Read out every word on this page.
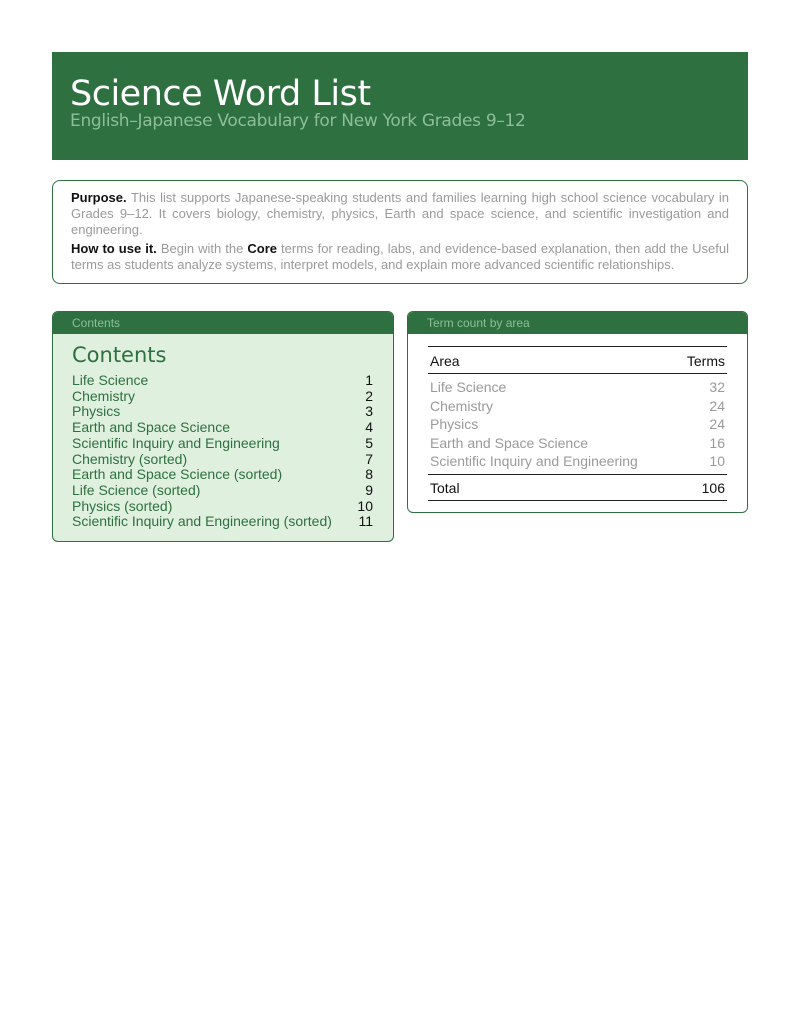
Science Word List
English–Japanese Vocabulary for New York Grades 9–12

Purpose. This list supports Japanese-speaking students and families learning high school science vocabulary in Grades 9–12. It covers biology, chemistry, physics, Earth and space science, and scientific investigation and engineering.

How to use it. Begin with the Core terms for reading, labs, and evidence-based explanation, then add the Useful terms as students analyze systems, interpret models, and explain more advanced scientific relationships.

Contents
Contents
Life Science	1
Chemistry	2
Physics	3
Earth and Space Science	4
Scientific Inquiry and Engineering	5
Chemistry (sorted)	7
Earth and Space Science (sorted)	8
Life Science (sorted)	9
Physics (sorted)	10
Scientific Inquiry and Engineering (sorted) 11
Term count by area
Area	Terms
Life Science	32
Chemistry	24
Physics	24
Earth and Space Science	16
Scientific Inquiry and Engineering	10
Total	106
